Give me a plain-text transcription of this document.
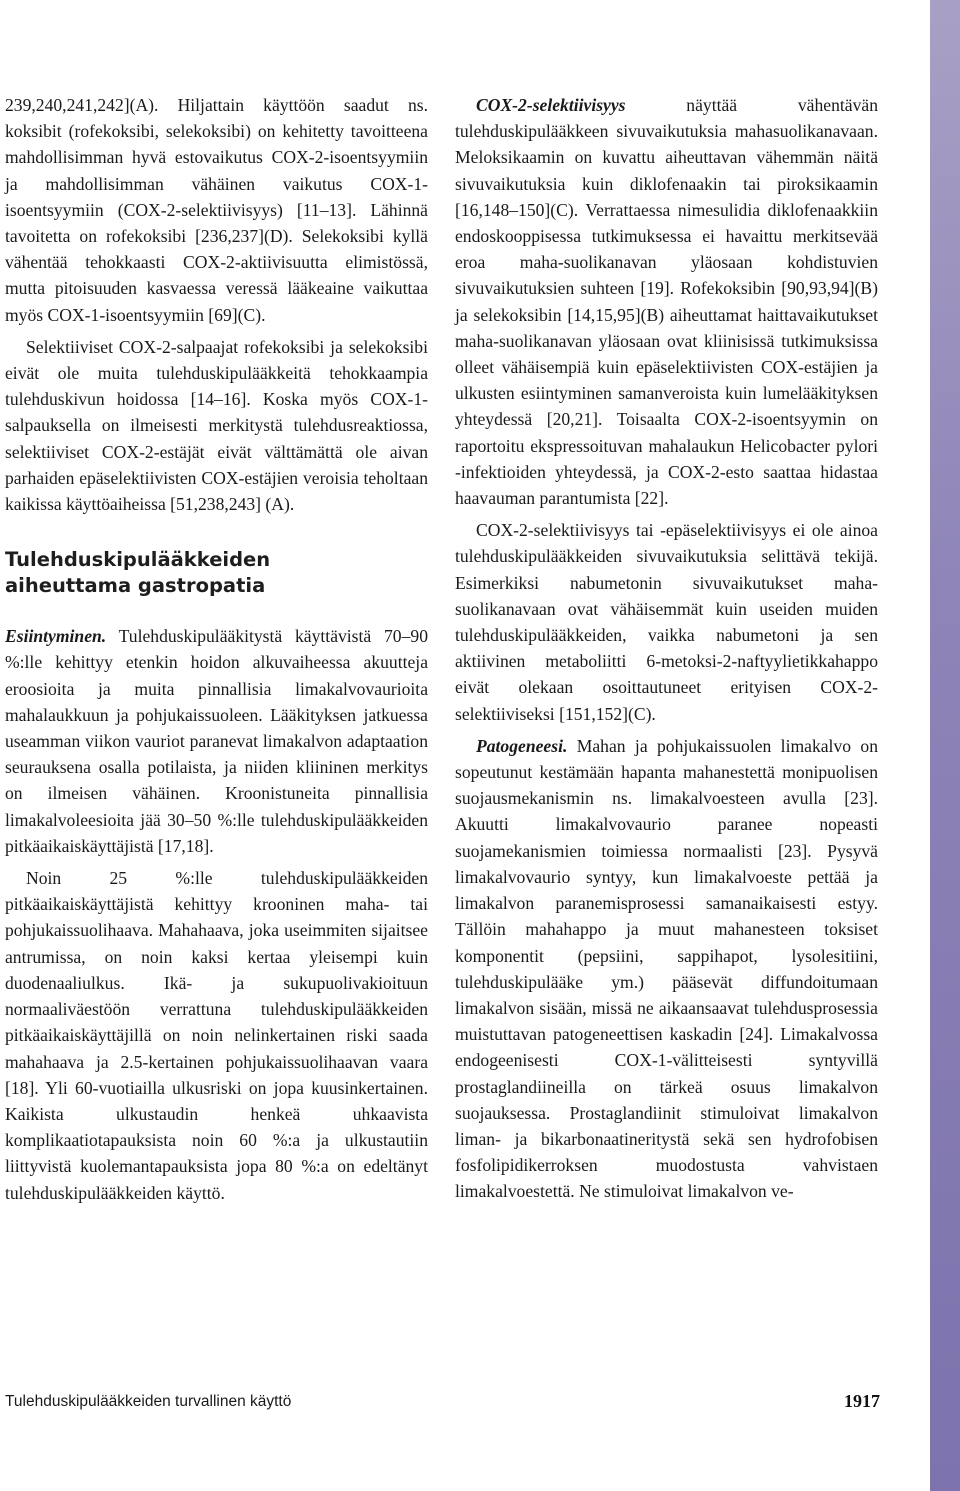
239,240,241,242](A). Hiljattain käyttöön saadut ns. koksibit (rofekoksibi, selekoksibi) on kehitetty tavoitteena mahdollisimman hyvä estovaikutus COX-2-isoentsyymiin ja mahdollisimman vähäinen vaikutus COX-1-isoentsyymiin (COX-2-selektiivisyys) [11–13]. Lähinnä tavoitetta on rofekoksibi [236,237](D). Selekoksibi kyllä vähentää tehokkaasti COX-2-aktiivisuutta elimistössä, mutta pitoisuuden kasvaessa veressä lääkeaine vaikuttaa myös COX-1-isoentsyymiin [69](C).

Selektiiviset COX-2-salpaajat rofekoksibi ja selekoksibi eivät ole muita tulehduskipulääkkeitä tehokkaampia tulehduskivun hoidossa [14–16]. Koska myös COX-1-salpauksella on ilmeisesti merkitystä tulehdusreaktiossa, selektiiviset COX-2-estäjät eivät välttämättä ole aivan parhaiden epäselektiivisten COX-estäjien veroisia teholtaan kaikissa käyttöaiheissa [51,238,243] (A).

Tulehduskipulääkkeiden
aiheuttama gastropatia

Esiintyminen. Tulehduskipulääkitystä käyttävistä 70–90 %:lle kehittyy etenkin hoidon alkuvaiheessa akuutteja eroosioita ja muita pinnallisia limakalvovaurioita mahalaukkuun ja pohjukaissuoleen. Lääkityksen jatkuessa useamman viikon vauriot paranevat limakalvon adaptaation seurauksena osalla potilaista, ja niiden kliininen merkitys on ilmeisen vähäinen. Kroonistuneita pinnallisia limakalvoleesioita jää 30–50 %:lle tulehduskipulääkkeiden pitkäaikaiskäyttäjistä [17,18].

Noin 25 %:lle tulehduskipulääkkeiden pitkäaikaiskäyttäjistä kehittyy krooninen maha- tai pohjukaissuolihaava. Mahahaava, joka useimmiten sijaitsee antrumissa, on noin kaksi kertaa yleisempi kuin duodenaaliulkus. Ikä- ja sukupuolivakioituun normaaliväestöön verrattuna tulehduskipulääkkeiden pitkäaikaiskäyttäjillä on noin nelinkertainen riski saada mahahaava ja 2.5-kertainen pohjukaissuolihaavan vaara [18]. Yli 60-vuotiailla ulkusriski on jopa kuusinkertainen. Kaikista ulkustaudin henkeä uhkaavista komplikaatiotapauksista noin 60 %:a ja ulkustautiin liittyvistä kuolemantapauksista jopa 80 %:a on edeltänyt tulehduskipulääkkeiden käyttö.

COX-2-selektiivisyys näyttää vähentävän tulehduskipulääkkeen sivuvaikutuksia mahasuolikanavaan. Meloksikaamin on kuvattu aiheuttavan vähemmän näitä sivuvaikutuksia kuin diklofenaakin tai piroksikaamin [16,148–150](C). Verrattaessa nimesulidia diklofenaakkiin endoskooppisessa tutkimuksessa ei havaittu merkitsevää eroa maha-suolikanavan yläosaan kohdistuvien sivuvaikutuksien suhteen [19]. Rofekoksibin [90,93,94](B) ja selekoksibin [14,15,95](B) aiheuttamat haittavaikutukset maha-suolikanavan yläosaan ovat kliinisissä tutkimuksissa olleet vähäisempiä kuin epäselektiivisten COX-estäjien ja ulkusten esiintyminen samanveroista kuin lumelääkityksen yhteydessä [20,21]. Toisaalta COX-2-isoentsyymin on raportoitu ekspressoituvan mahalaukun Helicobacter pylori -infektioiden yhteydessä, ja COX-2-esto saattaa hidastaa haavauman parantumista [22].

COX-2-selektiivisyys tai -epäselektiivisyys ei ole ainoa tulehduskipulääkkeiden sivuvaikutuksia selittävä tekijä. Esimerkiksi nabumetonin sivuvaikutukset maha-suolikanavaan ovat vähäisemmät kuin useiden muiden tulehduskipulääkkeiden, vaikka nabumetoni ja sen aktiivinen metaboliitti 6-metoksi-2-naftyylietikkahappo eivät olekaan osoittautuneet erityisen COX-2-selektiiviseksi [151,152](C).

Patogeneesi. Mahan ja pohjukaissuolen limakalvo on sopeutunut kestämään hapanta mahanestettä monipuolisen suojausmekanismin ns. limakalvoesteen avulla [23]. Akuutti limakalvovaurio paranee nopeasti suojamekanismien toimiessa normaalisti [23]. Pysyvä limakalvovaurio syntyy, kun limakalvoeste pettää ja limakalvon paranemisprosessi samanaikaisesti estyy. Tällöin mahahappo ja muut mahanesteen toksiset komponentit (pepsiini, sappihapot, lysolesitiini, tulehduskipulääke ym.) pääsevät diffundoitumaan limakalvon sisään, missä ne aikaansaavat tulehdusprosessia muistuttavan patogeneettisen kaskadin [24]. Limakalvossa endogeenisesti COX-1-välitteisesti syntyvillä prostaglandiineilla on tärkeä osuus limakalvon suojauksessa. Prostaglandiinit stimuloivat limakalvon liman- ja bikarbonaatineritystä sekä sen hydrofobisen fosfolipidikerroksen muodostusta vahvistaen limakalvoestettä. Ne stimuloivat limakalvon ve-

Tulehduskipulääkkeiden turvallinen käyttö	1917
